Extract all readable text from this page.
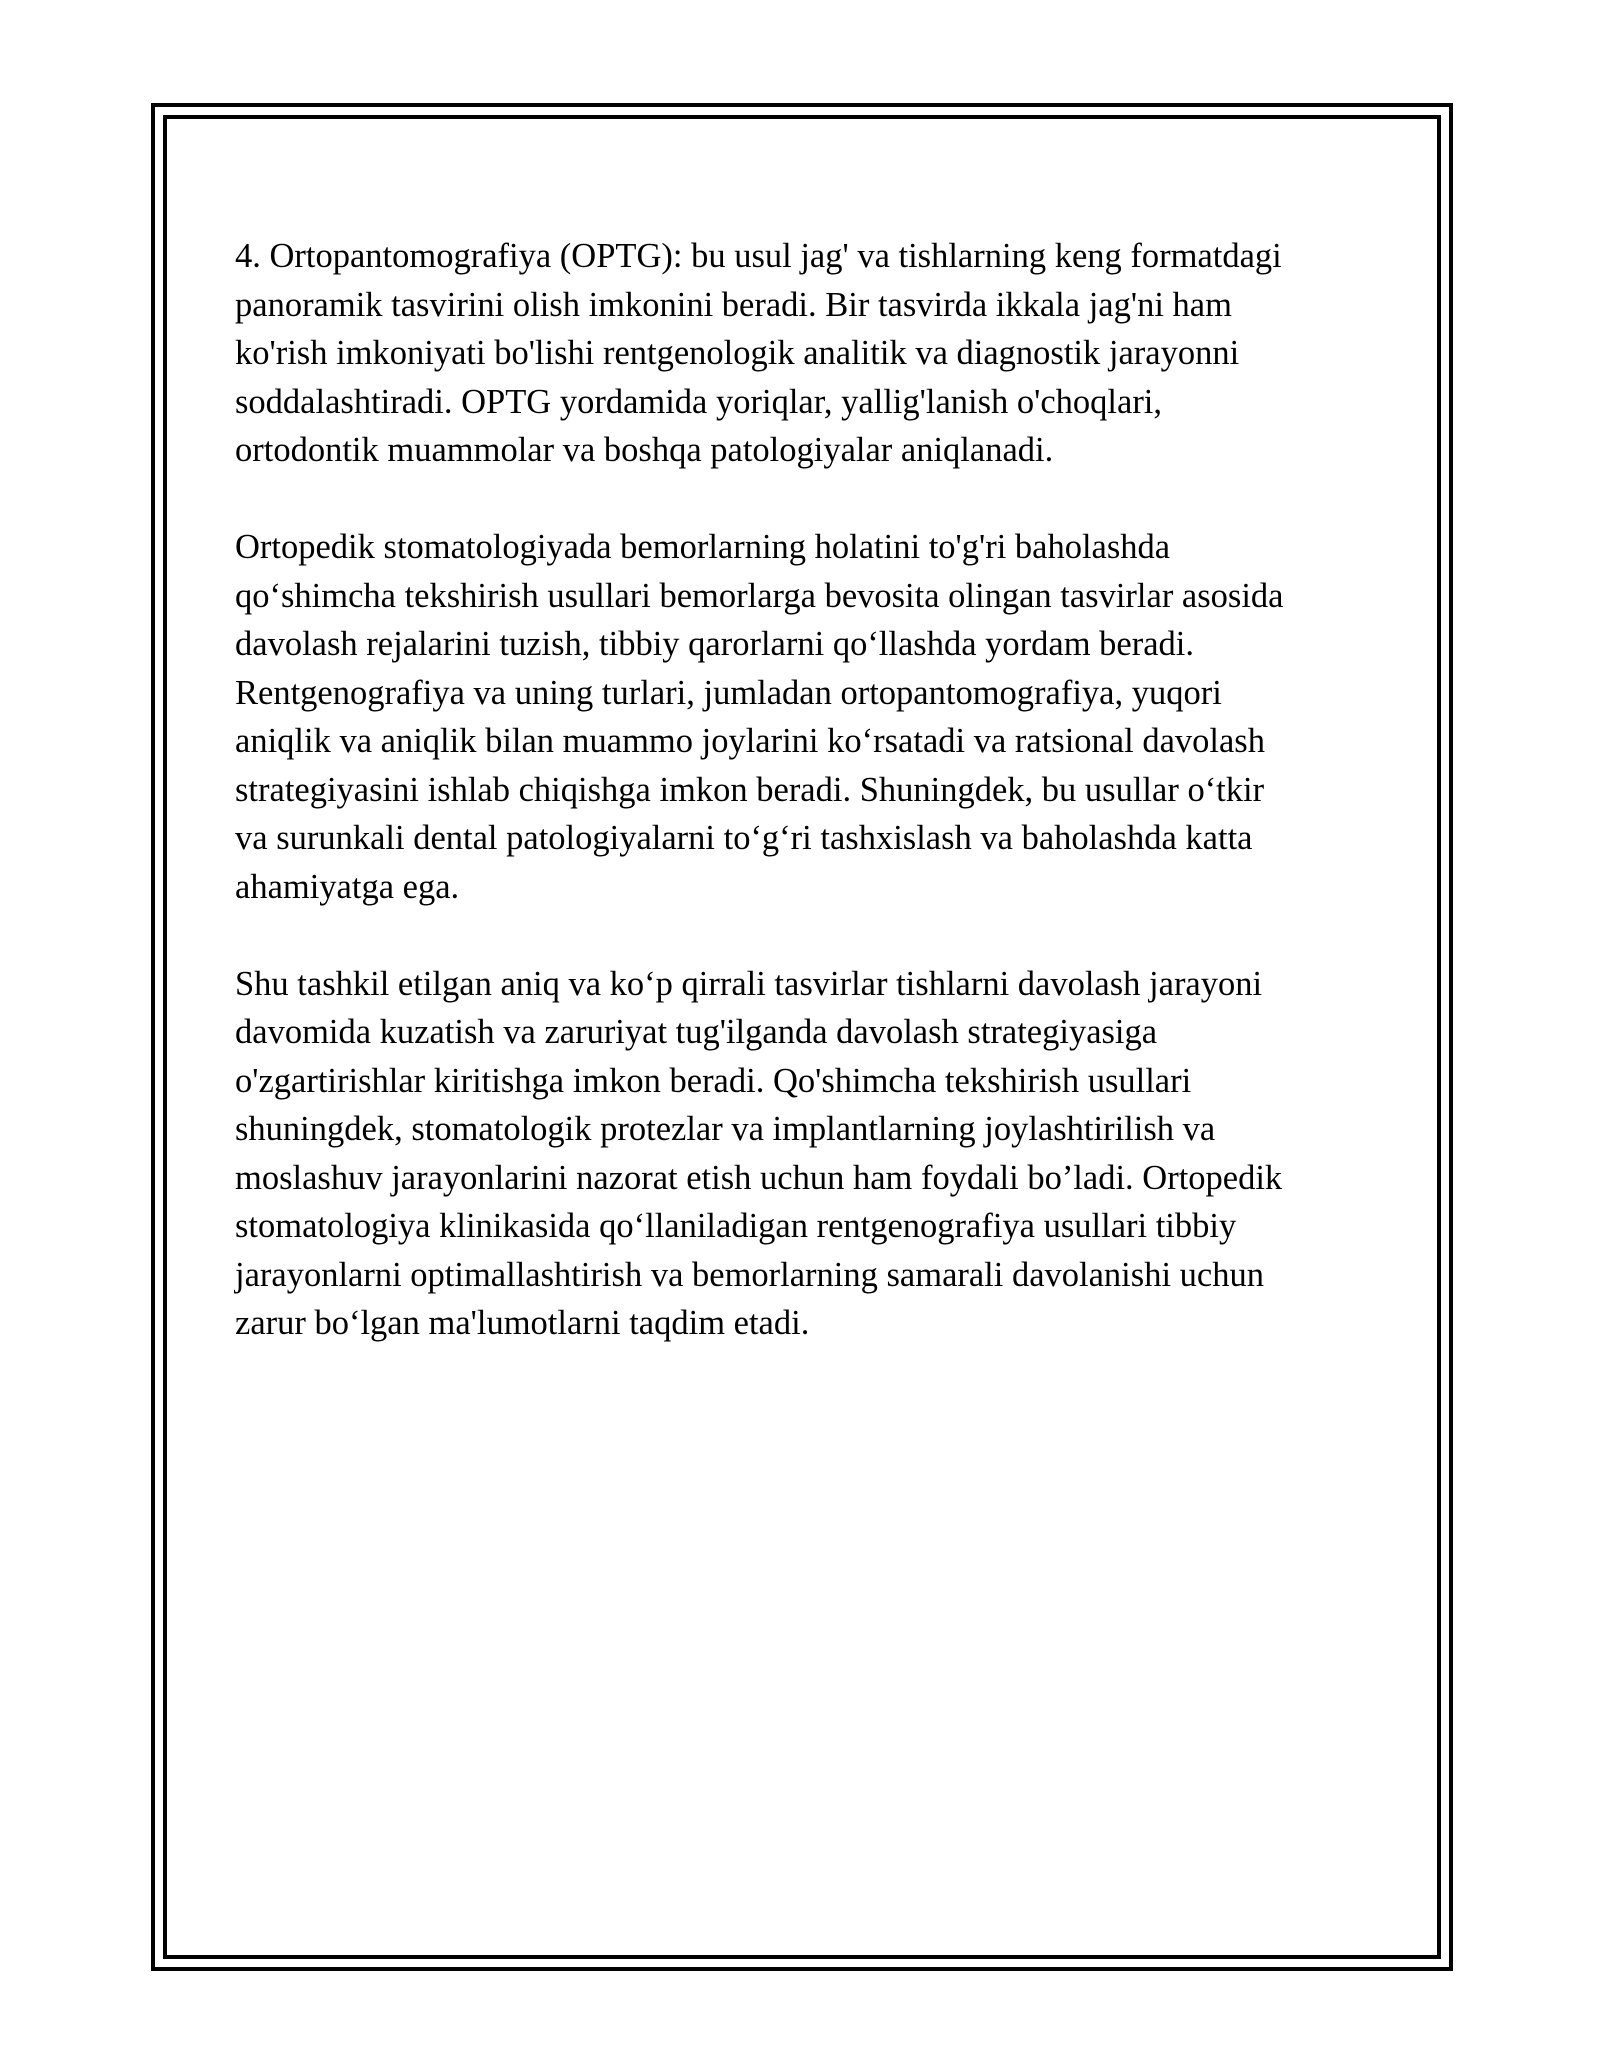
4. Ortopantomografiya (OPTG): bu usul jag' va tishlarning keng formatdagi
panoramik tasvirini olish imkonini beradi. Bir tasvirda ikkala jag'ni ham
ko'rish imkoniyati bo'lishi rentgenologik analitik va diagnostik jarayonni
soddalashtiradi. OPTG yordamida yoriqlar, yallig'lanish o'choqlari,
ortodontik muammolar va boshqa patologiyalar aniqlanadi.

Ortopedik stomatologiyada bemorlarning holatini to'g'ri baholashda
qo‘shimcha tekshirish usullari bemorlarga bevosita olingan tasvirlar asosida
davolash rejalarini tuzish, tibbiy qarorlarni qo‘llashda yordam beradi.
Rentgenografiya va uning turlari, jumladan ortopantomografiya, yuqori
aniqlik va aniqlik bilan muammo joylarini ko‘rsatadi va ratsional davolash
strategiyasini ishlab chiqishga imkon beradi. Shuningdek, bu usullar o‘tkir
va surunkali dental patologiyalarni to‘g‘ri tashxislash va baholashda katta
ahamiyatga ega.

Shu tashkil etilgan aniq va ko‘p qirrali tasvirlar tishlarni davolash jarayoni
davomida kuzatish va zaruriyat tug'ilganda davolash strategiyasiga
o'zgartirishlar kiritishga imkon beradi. Qo'shimcha tekshirish usullari
shuningdek, stomatologik protezlar va implantlarning joylashtirilish va
moslashuv jarayonlarini nazorat etish uchun ham foydali bo’ladi. Ortopedik
stomatologiya klinikasida qo‘llaniladigan rentgenografiya usullari tibbiy
jarayonlarni optimallashtirish va bemorlarning samarali davolanishi uchun
zarur bo‘lgan ma'lumotlarni taqdim etadi.
